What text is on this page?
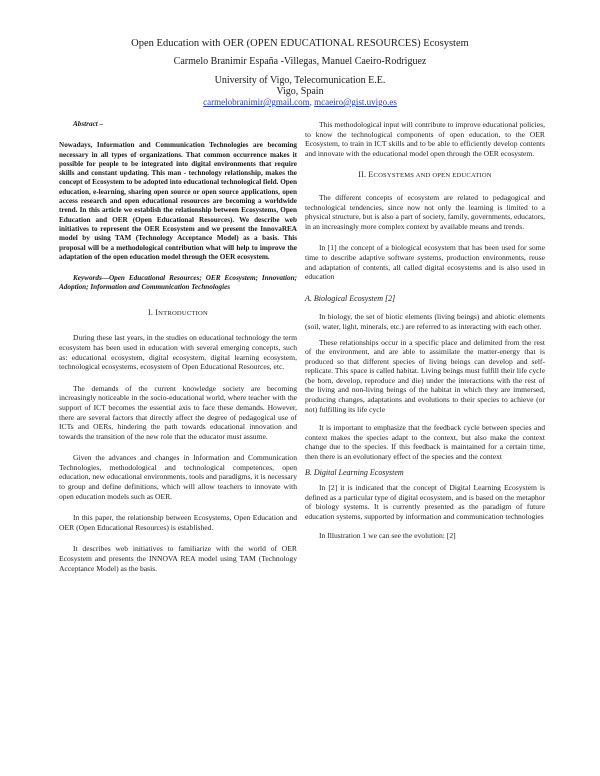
Open Education with OER (OPEN EDUCATIONAL RESOURCES) Ecosystem
Carmelo Branimir España -Villegas, Manuel Caeiro-Rodriguez
University of Vigo, Telecomunication E.E.
Vigo, Spain
carmelobranimir@gmail.com, mcaeiro@gist.uvigo.es
Abstract –

Nowadays, Information and Communication Technologies are becoming necessary in all types of organizations. That common occurrence makes it possible for people to be integrated into digital environments that require skills and constant updating. This man - technology relationship, makes the concept of Ecosystem to be adopted into educational technological field. Open education, e-learning, sharing open source or open source applications, open access research and open educational resources are becoming a worldwide trend. In this article we establish the relationship between Ecosystems, Open Education and OER (Open Educational Resources). We describe web initiatives to represent the OER Ecosystem and we present the InnovaREA model by using TAM (Technology Acceptance Model) as a basis. This proposal will be a methodological contribution what will help to improve the adaptation of the open education model through the OER ecosystem.

Keywords—Open Educational Resources; OER Ecosystem; Innovation; Adoption; Information and Communication Technologies

I. INTRODUCTION

During these last years, in the studies on educational technology the term ecosystem has been used in education with several emerging concepts, such as: educational ecosystem, digital ecosystem, digital learning ecosystem, technological ecosystems, ecosystem of Open Educational Resources, etc.

The demands of the current knowledge society are becoming increasingly noticeable in the socio-educational world, where teacher with the support of ICT becomes the essential axis to face these demands. However, there are several factors that directly affect the degree of pedagogical use of ICTs and OERs, hindering the path towards educational innovation and towards the transition of the new role that the educator must assume.

Given the advances and changes in Information and Communication Technologies, methodological and technological competences, open education, new educational environments, tools and paradigms, it is necessary to group and define definitions, which will allow teachers to innovate with open education models such as OER.

In this paper, the relationship between Ecosystems, Open Education and OER (Open Educational Resources) is established.

It describes web initiatives to familiarize with the world of OER Ecosystem and presents the INNOVA REA model using TAM (Technology Acceptance Model) as the basis.

This methodological input will contribute to improve educational policies, to know the technological components of open education, to the OER Ecosystem, to train in ICT skills and to be able to efficiently develop contents and innovate with the educational model open through the OER ecosystem.

II. ECOSYSTEMS AND OPEN EDUCATION

The different concepts of ecosystem are related to pedagogical and technological tendencies, since now not only the learning is limited to a physical structure, but is also a part of society, family, governments, educators, in an increasingly more complex context by available means and trends.

In [1] the concept of a biological ecosystem that has been used for some time to describe adaptive software systems, production environments, reuse and adaptation of contents, all called digital ecosystems and is also used in education

A. Biological Ecosystem [2]

In biology, the set of biotic elements (living beings) and abiotic elements (soil, water, light, minerals, etc.) are referred to as interacting with each other.

These relationships occur in a specific place and delimited from the rest of the environment, and are able to assimilate the matter-energy that is produced so that different species of living beings can develop and self-replicate. This space is called habitat. Living beings must fulfill their life cycle (be born, develop, reproduce and die) under the interactions with the rest of the living and non-living beings of the habitat in which they are immersed, producing changes, adaptations and evolutions to their species to achieve (or not) fulfilling its life cycle

It is important to emphasize that the feedback cycle between species and context makes the species adapt to the context, but also make the context change due to the species. If this feedback is maintained for a certain time, then there is an evolutionary effect of the species and the context

B. Digital Learning Ecosystem

In [2] it is indicated that the concept of Digital Learning Ecosystem is defined as a particular type of digital ecosystem, and is based on the metaphor of biology systems. It is currently presented as the paradigm of future education systems, supported by information and communication technologies

In Illustration 1 we can see the evolution: [2]
